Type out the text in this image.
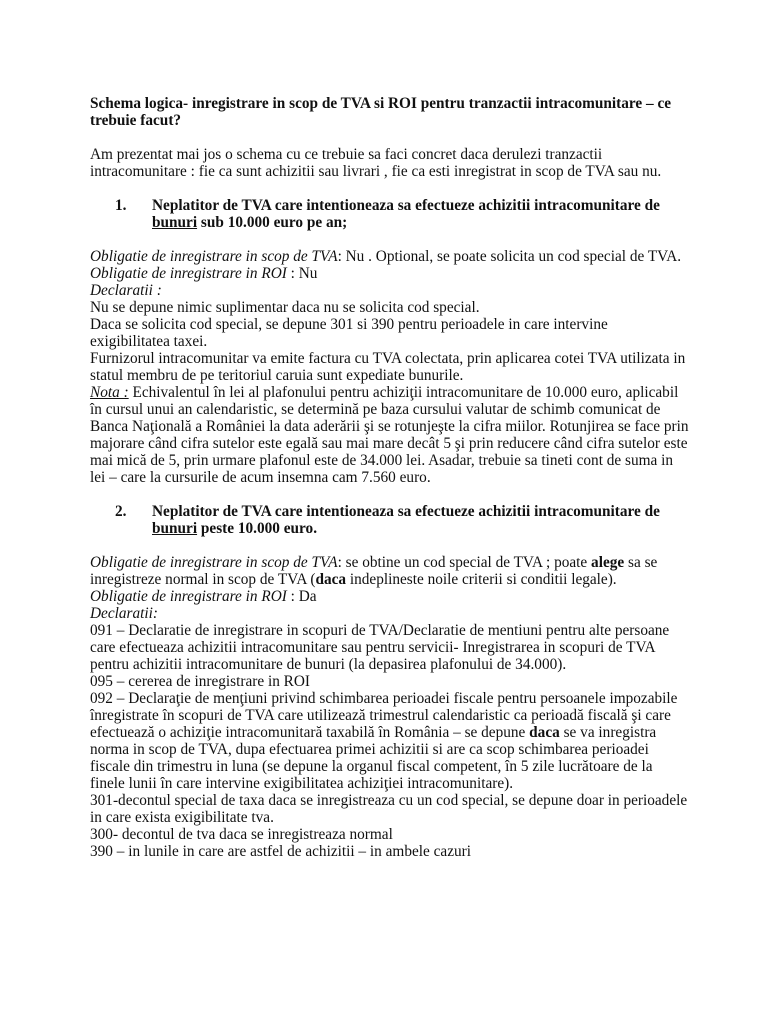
Schema logica- inregistrare in scop de TVA si ROI pentru tranzactii intracomunitare – ce trebuie facut?

Am prezentat mai jos o schema cu ce trebuie sa faci concret daca derulezi tranzactii intracomunitare : fie ca sunt achizitii sau livrari , fie ca esti inregistrat in scop de TVA sau nu.

1.	Neplatitor de TVA care intentioneaza sa efectueze achizitii intracomunitare de bunuri sub 10.000 euro pe an;

Obligatie de inregistrare in scop de TVA: Nu . Optional, se poate solicita un cod special de TVA.

Obligatie de inregistrare in ROI : Nu

Declaratii :

Nu se depune nimic suplimentar daca nu se solicita cod special.

Daca se solicita cod special, se depune 301 si 390 pentru perioadele in care intervine exigibilitatea taxei.

Furnizorul intracomunitar va emite factura cu TVA colectata, prin aplicarea cotei TVA utilizata in statul membru de pe teritoriul caruia sunt expediate bunurile.

Nota : Echivalentul în lei al plafonului pentru achiziţii intracomunitare de 10.000 euro, aplicabil în cursul unui an calendaristic, se determină pe baza cursului valutar de schimb comunicat de Banca Naţională a României la data aderării şi se rotunjeşte la cifra miilor. Rotunjirea se face prin majorare când cifra sutelor este egală sau mai mare decât 5 şi prin reducere când cifra sutelor este mai mică de 5, prin urmare plafonul este de 34.000 lei. Asadar, trebuie sa tineti cont de suma in lei – care la cursurile de acum insemna cam 7.560 euro.

2.	Neplatitor de TVA care intentioneaza sa efectueze achizitii intracomunitare de bunuri peste 10.000 euro.

Obligatie de inregistrare in scop de TVA: se obtine un cod special de TVA ; poate alege sa se inregistreze normal in scop de TVA (daca indeplineste noile criterii si conditii legale).

Obligatie de inregistrare in ROI : Da

Declaratii:

091 – Declaratie de inregistrare in scopuri de TVA/Declaratie de mentiuni pentru alte persoane care efectueaza achizitii intracomunitare sau pentru servicii- Inregistrarea in scopuri de TVA pentru achizitii intracomunitare de bunuri (la depasirea plafonului de 34.000).

095 – cererea de inregistrare in ROI

092 – Declaraţie de menţiuni privind schimbarea perioadei fiscale pentru persoanele impozabile înregistrate în scopuri de TVA care utilizează trimestrul calendaristic ca perioadă fiscală şi care efectuează o achiziţie intracomunitară taxabilă în România – se depune daca se va inregistra norma in scop de TVA, dupa efectuarea primei achizitii si are ca scop schimbarea perioadei fiscale din trimestru in luna (se depune la organul fiscal competent, în 5 zile lucrătoare de la finele lunii în care intervine exigibilitatea achiziţiei intracomunitare).

301-decontul special de taxa daca se inregistreaza cu un cod special, se depune doar in perioadele in care exista exigibilitate tva.

300- decontul de tva daca se inregistreaza normal

390 – in lunile in care are astfel de achizitii – in ambele cazuri
